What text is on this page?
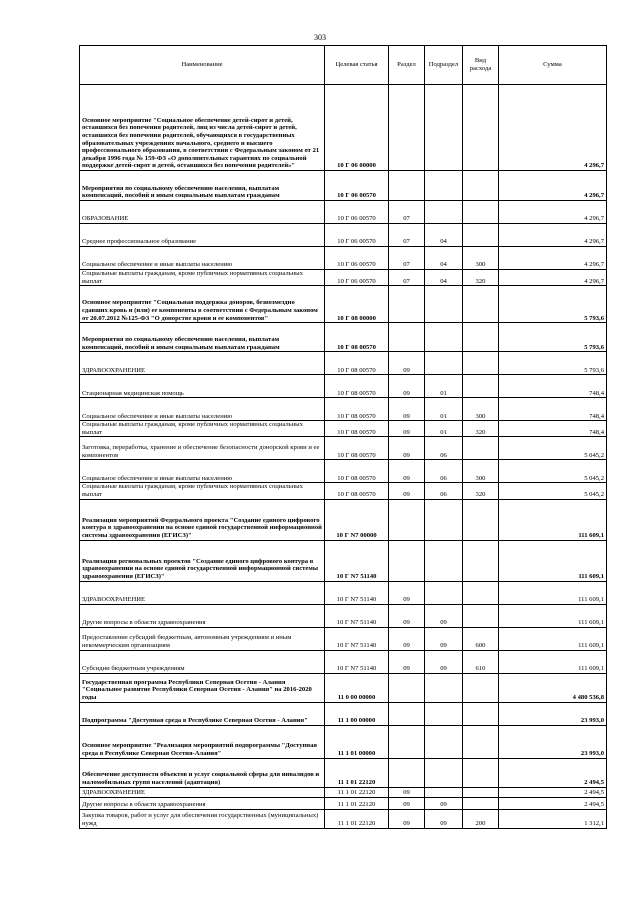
303
Наименование	Целевая статья	Раздел	Подраздел	Вид расхода	Сумма
Основное мероприятие "Социальное обеспечение детей-сирот и детей, оставшихся без попечения родителей, лиц из числа детей-сирот и детей, оставшихся без попечения родителей, обучающихся в государственных образовательных учреждениях начального, среднего и высшего профессионального образования, в соответствии с Федеральным законом от 21 декабря 1996 года № 159-ФЗ «О дополнительных гарантиях по социальной поддержке детей-сирот и детей, оставшихся без попечения родителей»"	10 Г 06 00000				4 296,7
Мероприятия по социальному обеспечению населения, выплатам компенсаций, пособий и иным социальным выплатам гражданам	10 Г 06 00570				4 296,7
ОБРАЗОВАНИЕ	10 Г 06 00570	07			4 296,7
Среднее профессиональное образование	10 Г 06 00570	07	04		4 296,7
Социальное обеспечение и иные выплаты населению	10 Г 06 00570	07	04	300	4 296,7
Социальные выплаты гражданам, кроме публичных нормативных социальных выплат	10 Г 06 00570	07	04	320	4 296,7
Основное мероприятие "Социальная поддержка доноров, безвозмездно сдавших кровь и (или) ее компоненты в соответствии с Федеральным законом от 20.07.2012 №125-ФЗ "О донорстве крови и ее компонентов"	10 Г 08 00000				5 793,6
Мероприятия по социальному обеспечению населения, выплатам компенсаций, пособий и иным социальным выплатам гражданам	10 Г 08 00570				5 793,6
ЗДРАВООХРАНЕНИЕ	10 Г 08 00570	09			5 793,6
Стационарная медицинская помощь	10 Г 08 00570	09	01		748,4
Социальное обеспечение и иные выплаты населению	10 Г 08 00570	09	01	300	748,4
Социальные выплаты гражданам, кроме публичных нормативных социальных выплат	10 Г 08 00570	09	01	320	748,4
Заготовка, переработка, хранение и обеспечение безопасности донорской крови и ее компонентов	10 Г 08 00570	09	06		5 045,2
Социальное обеспечение и иные выплаты населению	10 Г 08 00570	09	06	300	5 045,2
Социальные выплаты гражданам, кроме публичных нормативных социальных выплат	10 Г 08 00570	09	06	320	5 045,2
Реализация мероприятий Федерального проекта "Создание единого цифрового контура в здравоохранении на основе единой государственной информационной системы здравоохранения (ЕГИСЗ)"	10 Г N7 00000				111 609,1
Реализация региональных проектов "Создание единого цифрового контура в здравоохранении на основе единой государственной информационной системы здравоохранения (ЕГИСЗ)"	10 Г N7 51140				111 609,1
ЗДРАВООХРАНЕНИЕ	10 Г N7 51140	09			111 609,1
Другие вопросы в области здравоохранения	10 Г N7 51140	09	09		111 609,1
Предоставление субсидий бюджетным, автономным учреждениям и иным некоммерческим организациям	10 Г N7 51140	09	09	600	111 609,1
Субсидии бюджетным учреждениям	10 Г N7 51140	09	09	610	111 609,1
Государственная программа Республики Северная Осетия - Алания "Социальное развитие Республики Северная Осетия - Алания" на 2016-2020 годы	11 0 00 00000				4 480 536,8
Подпрограмма "Доступная среда в Республике Северная Осетия - Алания"	11 1 00 00000				23 993,0
Основное мероприятие "Реализация мероприятий подпрограммы "Доступная среда в Республике Северная Осетия-Алания"	11 1 01 00000				23 993,0
Обеспечение доступности объектов и услуг социальной сферы для инвалидов и маломобильных групп населений (адаптация)	11 1 01 22120				2 494,5
ЗДРАВООХРАНЕНИЕ	11 1 01 22120	09			2 494,5
Другие вопросы в области здравоохранения	11 1 01 22120	09	09		2 494,5
Закупка товаров, работ и услуг для обеспечения государственных (муниципальных) нужд	11 1 01 22120	09	09	200	1 312,1
